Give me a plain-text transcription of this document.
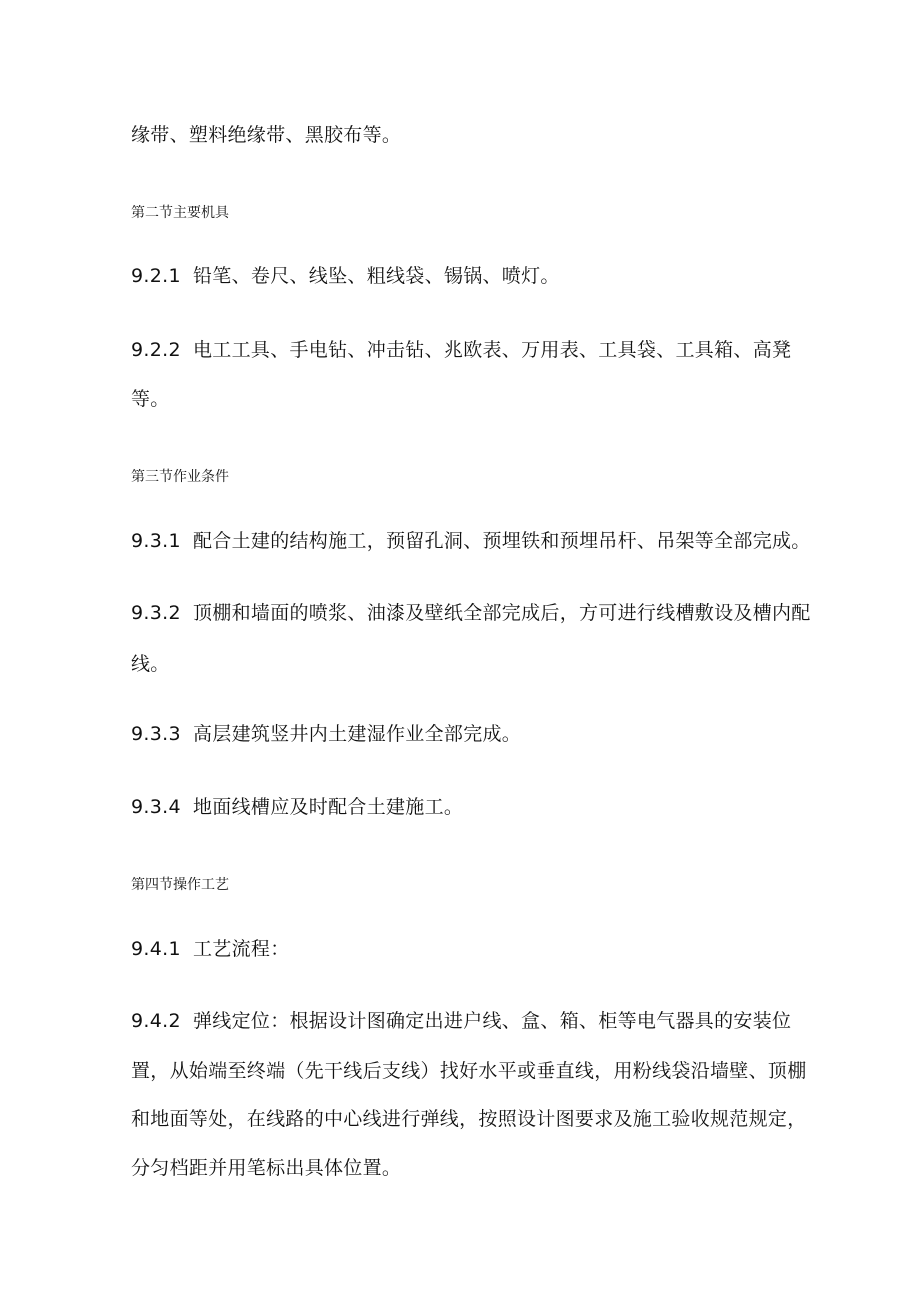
缘带、塑料绝缘带、黑胶布等。
第二节主要机具
9.2.1 铅笔、卷尺、线坠、粗线袋、锡锅、喷灯。
9.2.2 电工工具、手电钻、冲击钻、兆欧表、万用表、工具袋、工具箱、高凳
等。
第三节作业条件
9.3.1 配合土建的结构施工，预留孔洞、预埋铁和预埋吊杆、吊架等全部完成。
9.3.2 顶棚和墙面的喷浆、油漆及壁纸全部完成后，方可进行线槽敷设及槽内配
线。
9.3.3 高层建筑竖井内土建湿作业全部完成。
9.3.4 地面线槽应及时配合土建施工。
第四节操作工艺
9.4.1 工艺流程：
9.4.2 弹线定位：根据设计图确定出进户线、盒、箱、柜等电气器具的安装位
置，从始端至终端（先干线后支线）找好水平或垂直线，用粉线袋沿墙壁、顶棚
和地面等处，在线路的中心线进行弹线，按照设计图要求及施工验收规范规定，
分匀档距并用笔标出具体位置。
